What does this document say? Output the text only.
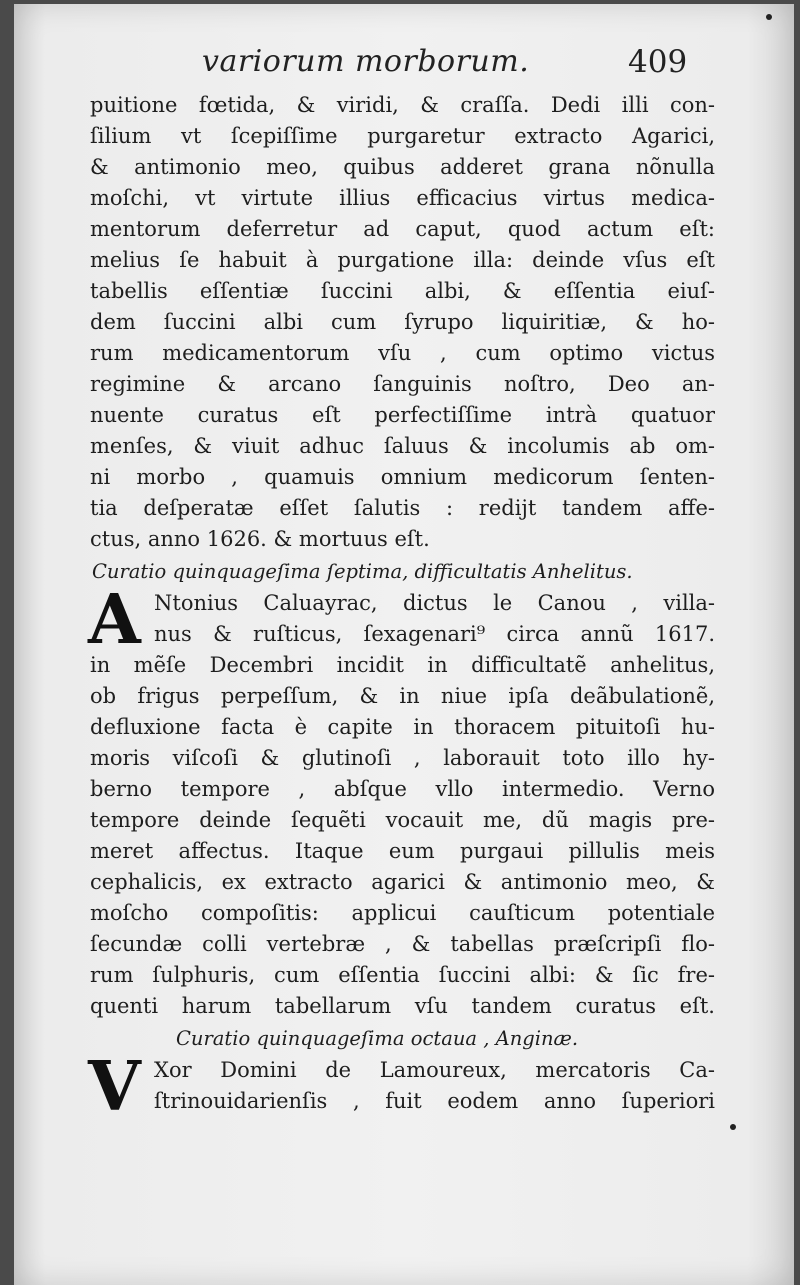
variorum morborum.	409
puitione fœtida, & viridi, & craſſa. Dedi illi con-
ſilium vt ſcepiſſime purgaretur extracto Agarici,
& antimonio meo, quibus adderet grana nõnulla
moſchi, vt virtute illius efficacius virtus medica-
mentorum deferretur ad caput, quod actum eſt:
melius ſe habuit à purgatione illa: deinde vſus eſt
tabellis eſſentiæ ſuccini albi, & eſſentia eiuſ-
dem ſuccini albi cum ſyrupo liquiritiæ, & ho-
rum medicamentorum vſu , cum optimo victus
regimine & arcano ſanguinis noſtro, Deo an-
nuente curatus eſt perfectiſſime intrà quatuor
menſes, & viuit adhuc ſaluus & incolumis ab om-
ni morbo , quamuis omnium medicorum ſenten-
tia deſperatæ eſſet ſalutis : rediјt tandem affe-
ctus, anno 1626. & mortuus eſt.
Curatio quinquageſima ſeptima, difficultatis Anhelitus.
A Ntonius Caluayrac, dictus le Canou , villa-
nus & ruſticus, ſexagenari⁹ circa annũ 1617.
in mẽſe Decembri incidit in difficultatẽ anhelitus,
ob frigus perpeſſum, & in niue ipſa deãbulationẽ,
defluxione facta è capite in thoracem pituitoſi hu-
moris viſcoſi & glutinoſi , laborauit toto illo hy-
berno tempore , abſque vllo intermedio. Verno
tempore deinde ſequẽti vocauit me, dũ magis pre-
meret affectus. Itaque eum purgaui pillulis meis
cephalicis, ex extracto agarici & antimonio meo, &
moſcho compoſitis: applicui cauſticum potentiale
ſecundæ colli vertebræ , & tabellas præſcripſi flo-
rum ſulphuris, cum eſſentia ſuccini albi: & ſic fre-
quenti harum tabellarum vſu tandem curatus eſt.
Curatio quinquageſima octaua , Anginæ.
V Xor Domini de Lamoureux, mercatoris Ca-
ſtrinouidarienſis , fuit eodem anno ſuperiori
